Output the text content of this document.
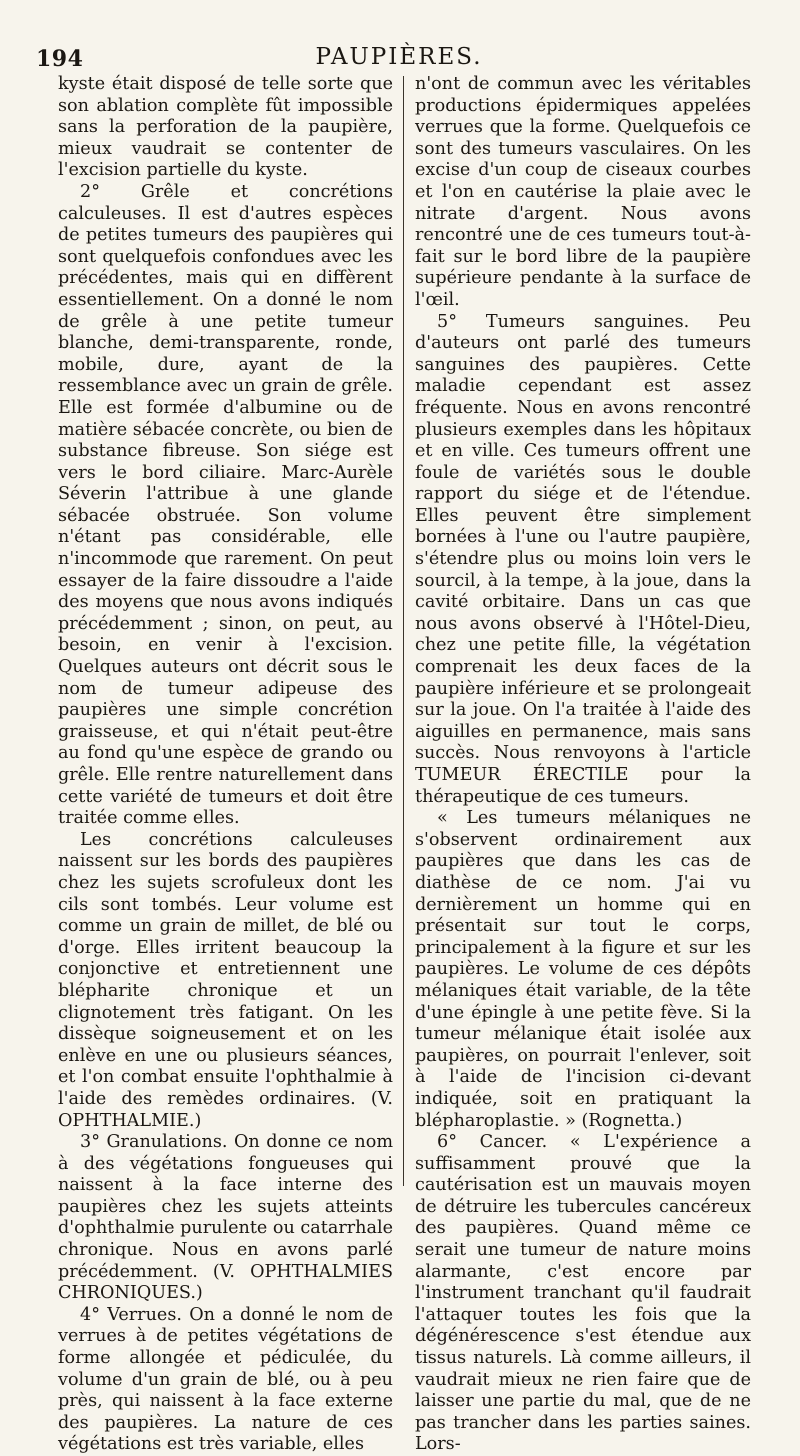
194	PAUPIÈRES.

kyste était disposé de telle sorte que son ablation complète fût impossible sans la perforation de la paupière, mieux vaudrait se contenter de l'excision partielle du kyste.

2° Grêle et concrétions calculeuses. Il est d'autres espèces de petites tumeurs des paupières qui sont quelquefois confondues avec les précédentes, mais qui en diffèrent essentiellement. On a donné le nom de grêle à une petite tumeur blanche, demi-transparente, ronde, mobile, dure, ayant de la ressemblance avec un grain de grêle. Elle est formée d'albumine ou de matière sébacée concrète, ou bien de substance fibreuse. Son siége est vers le bord ciliaire. Marc-Aurèle Séverin l'attribue à une glande sébacée obstruée. Son volume n'étant pas considérable, elle n'incommode que rarement. On peut essayer de la faire dissoudre a l'aide des moyens que nous avons indiqués précédemment ; sinon, on peut, au besoin, en venir à l'excision. Quelques auteurs ont décrit sous le nom de tumeur adipeuse des paupières une simple concrétion graisseuse, et qui n'était peut-être au fond qu'une espèce de grando ou grêle. Elle rentre naturellement dans cette variété de tumeurs et doit être traitée comme elles.

Les concrétions calculeuses naissent sur les bords des paupières chez les sujets scrofuleux dont les cils sont tombés. Leur volume est comme un grain de millet, de blé ou d'orge. Elles irritent beaucoup la conjonctive et entretiennent une blépharite chronique et un clignotement très fatigant. On les dissèque soigneusement et on les enlève en une ou plusieurs séances, et l'on combat ensuite l'ophthalmie à l'aide des remèdes ordinaires. (V. OPHTHALMIE.)

3° Granulations. On donne ce nom à des végétations fongueuses qui naissent à la face interne des paupières chez les sujets atteints d'ophthalmie purulente ou catarrhale chronique. Nous en avons parlé précédemment. (V. OPHTHALMIES CHRONIQUES.)

4° Verrues. On a donné le nom de verrues à de petites végétations de forme allongée et pédiculée, du volume d'un grain de blé, ou à peu près, qui naissent à la face externe des paupières. La nature de ces végétations est très variable, elles

n'ont de commun avec les véritables productions épidermiques appelées verrues que la forme. Quelquefois ce sont des tumeurs vasculaires. On les excise d'un coup de ciseaux courbes et l'on en cautérise la plaie avec le nitrate d'argent. Nous avons rencontré une de ces tumeurs tout-à-fait sur le bord libre de la paupière supérieure pendante à la surface de l'œil.

5° Tumeurs sanguines. Peu d'auteurs ont parlé des tumeurs sanguines des paupières. Cette maladie cependant est assez fréquente. Nous en avons rencontré plusieurs exemples dans les hôpitaux et en ville. Ces tumeurs offrent une foule de variétés sous le double rapport du siége et de l'étendue. Elles peuvent être simplement bornées à l'une ou l'autre paupière, s'étendre plus ou moins loin vers le sourcil, à la tempe, à la joue, dans la cavité orbitaire. Dans un cas que nous avons observé à l'Hôtel-Dieu, chez une petite fille, la végétation comprenait les deux faces de la paupière inférieure et se prolongeait sur la joue. On l'a traitée à l'aide des aiguilles en permanence, mais sans succès. Nous renvoyons à l'article TUMEUR ÉRECTILE pour la thérapeutique de ces tumeurs.

« Les tumeurs mélaniques ne s'observent ordinairement aux paupières que dans les cas de diathèse de ce nom. J'ai vu dernièrement un homme qui en présentait sur tout le corps, principalement à la figure et sur les paupières. Le volume de ces dépôts mélaniques était variable, de la tête d'une épingle à une petite fève. Si la tumeur mélanique était isolée aux paupières, on pourrait l'enlever, soit à l'aide de l'incision ci-devant indiquée, soit en pratiquant la blépharoplastie. » (Rognetta.)

6° Cancer. « L'expérience a suffisamment prouvé que la cautérisation est un mauvais moyen de détruire les tubercules cancéreux des paupières. Quand même ce serait une tumeur de nature moins alarmante, c'est encore par l'instrument tranchant qu'il faudrait l'attaquer toutes les fois que la dégénérescence s'est étendue aux tissus naturels. Là comme ailleurs, il vaudrait mieux ne rien faire que de laisser une partie du mal, que de ne pas trancher dans les parties saines. Lors-
